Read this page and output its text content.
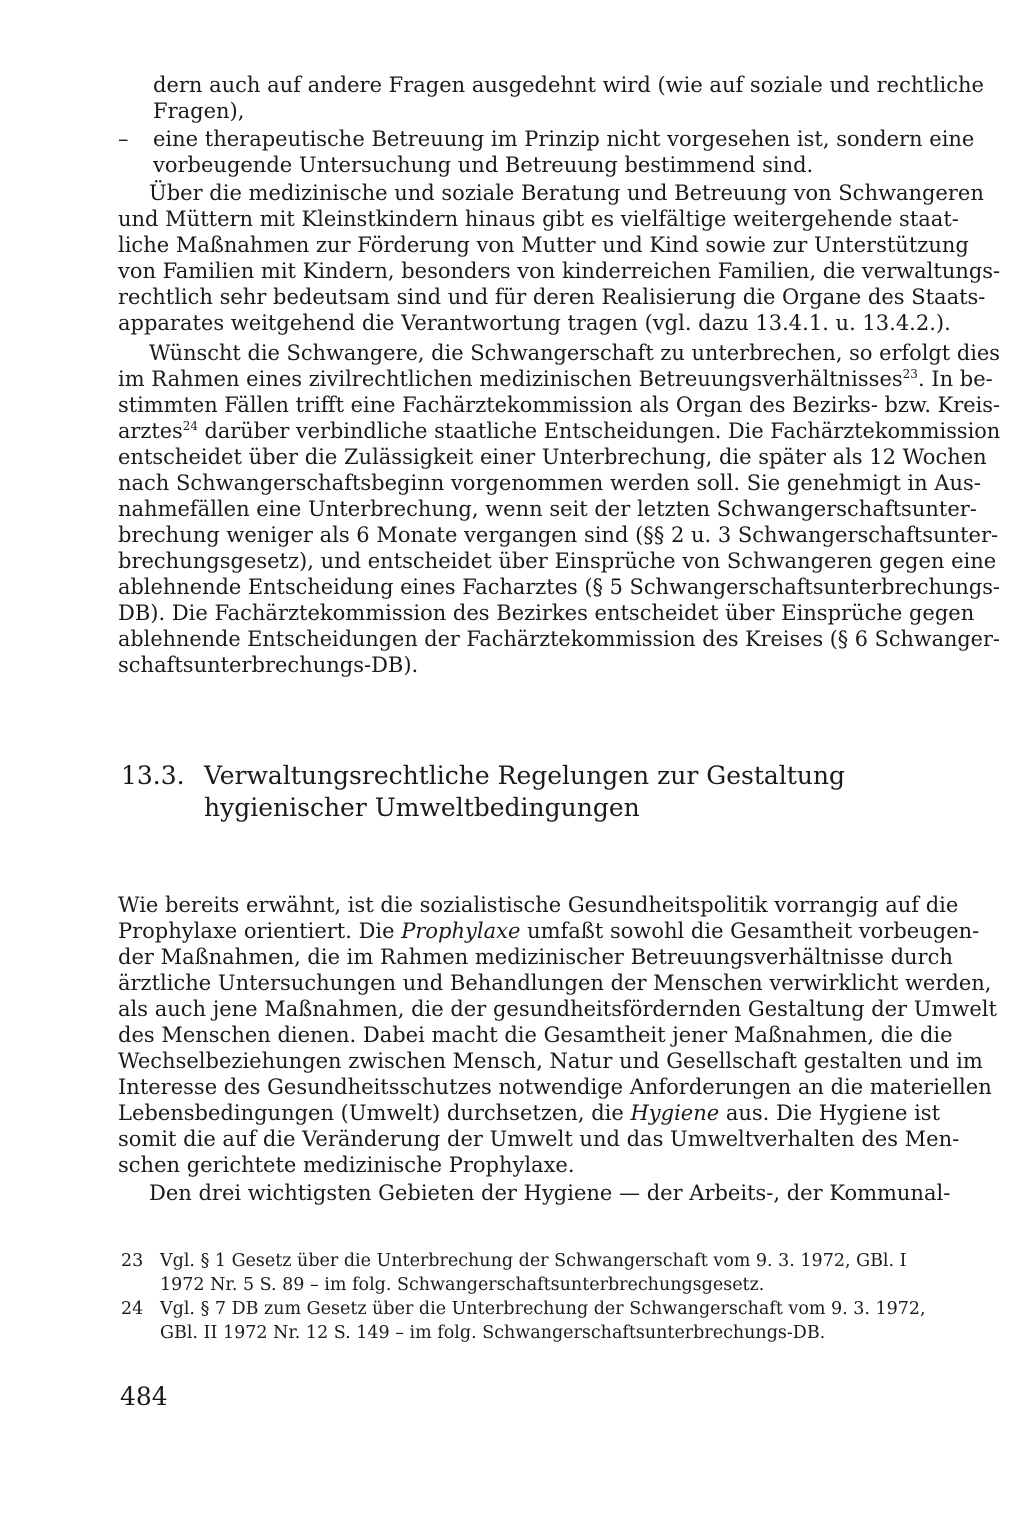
dern auch auf andere Fragen ausgedehnt wird (wie auf soziale und rechtliche
Fragen),
– eine therapeutische Betreuung im Prinzip nicht vorgesehen ist, sondern eine
vorbeugende Untersuchung und Betreuung bestimmend sind.
Über die medizinische und soziale Beratung und Betreuung von Schwangeren
und Müttern mit Kleinstkindern hinaus gibt es vielfältige weitergehende staat-
liche Maßnahmen zur Förderung von Mutter und Kind sowie zur Unterstützung
von Familien mit Kindern, besonders von kinderreichen Familien, die verwaltungs-
rechtlich sehr bedeutsam sind und für deren Realisierung die Organe des Staats-
apparates weitgehend die Verantwortung tragen (vgl. dazu 13.4.1. u. 13.4.2.).
Wünscht die Schwangere, die Schwangerschaft zu unterbrechen, so erfolgt dies
im Rahmen eines zivilrechtlichen medizinischen Betreuungsverhältnisses$^{23}$. In be-
stimmten Fällen trifft eine Fachärztekommission als Organ des Bezirks- bzw. Kreis-
arztes$^{24}$ darüber verbindliche staatliche Entscheidungen. Die Fachärztekommission
entscheidet über die Zulässigkeit einer Unterbrechung, die später als 12 Wochen
nach Schwangerschaftsbeginn vorgenommen werden soll. Sie genehmigt in Aus-
nahmefällen eine Unterbrechung, wenn seit der letzten Schwangerschaftsunter-
brechung weniger als 6 Monate vergangen sind (§§ 2 u. 3 Schwangerschaftsunter-
brechungsgesetz), und entscheidet über Einsprüche von Schwangeren gegen eine
ablehnende Entscheidung eines Facharztes (§ 5 Schwangerschaftsunterbrechungs-
DB). Die Fachärztekommission des Bezirkes entscheidet über Einsprüche gegen
ablehnende Entscheidungen der Fachärztekommission des Kreises (§ 6 Schwanger-
schaftsunterbrechungs-DB).
13.3. Verwaltungsrechtliche Regelungen zur Gestaltung
hygienischer Umweltbedingungen
Wie bereits erwähnt, ist die sozialistische Gesundheitspolitik vorrangig auf die
Prophylaxe orientiert. Die Prophylaxe umfaßt sowohl die Gesamtheit vorbeugen-
der Maßnahmen, die im Rahmen medizinischer Betreuungsverhältnisse durch
ärztliche Untersuchungen und Behandlungen der Menschen verwirklicht werden,
als auch jene Maßnahmen, die der gesundheitsfördernden Gestaltung der Umwelt
des Menschen dienen. Dabei macht die Gesamtheit jener Maßnahmen, die die
Wechselbeziehungen zwischen Mensch, Natur und Gesellschaft gestalten und im
Interesse des Gesundheitsschutzes notwendige Anforderungen an die materiellen
Lebensbedingungen (Umwelt) durchsetzen, die Hygiene aus. Die Hygiene ist
somit die auf die Veränderung der Umwelt und das Umweltverhalten des Men-
schen gerichtete medizinische Prophylaxe.
Den drei wichtigsten Gebieten der Hygiene — der Arbeits-, der Kommunal-
23 Vgl. § 1 Gesetz über die Unterbrechung der Schwangerschaft vom 9. 3. 1972, GBl. I
1972 Nr. 5 S. 89 – im folg. Schwangerschaftsunterbrechungsgesetz.
24 Vgl. § 7 DB zum Gesetz über die Unterbrechung der Schwangerschaft vom 9. 3. 1972,
GBl. II 1972 Nr. 12 S. 149 – im folg. Schwangerschaftsunterbrechungs-DB.
484
